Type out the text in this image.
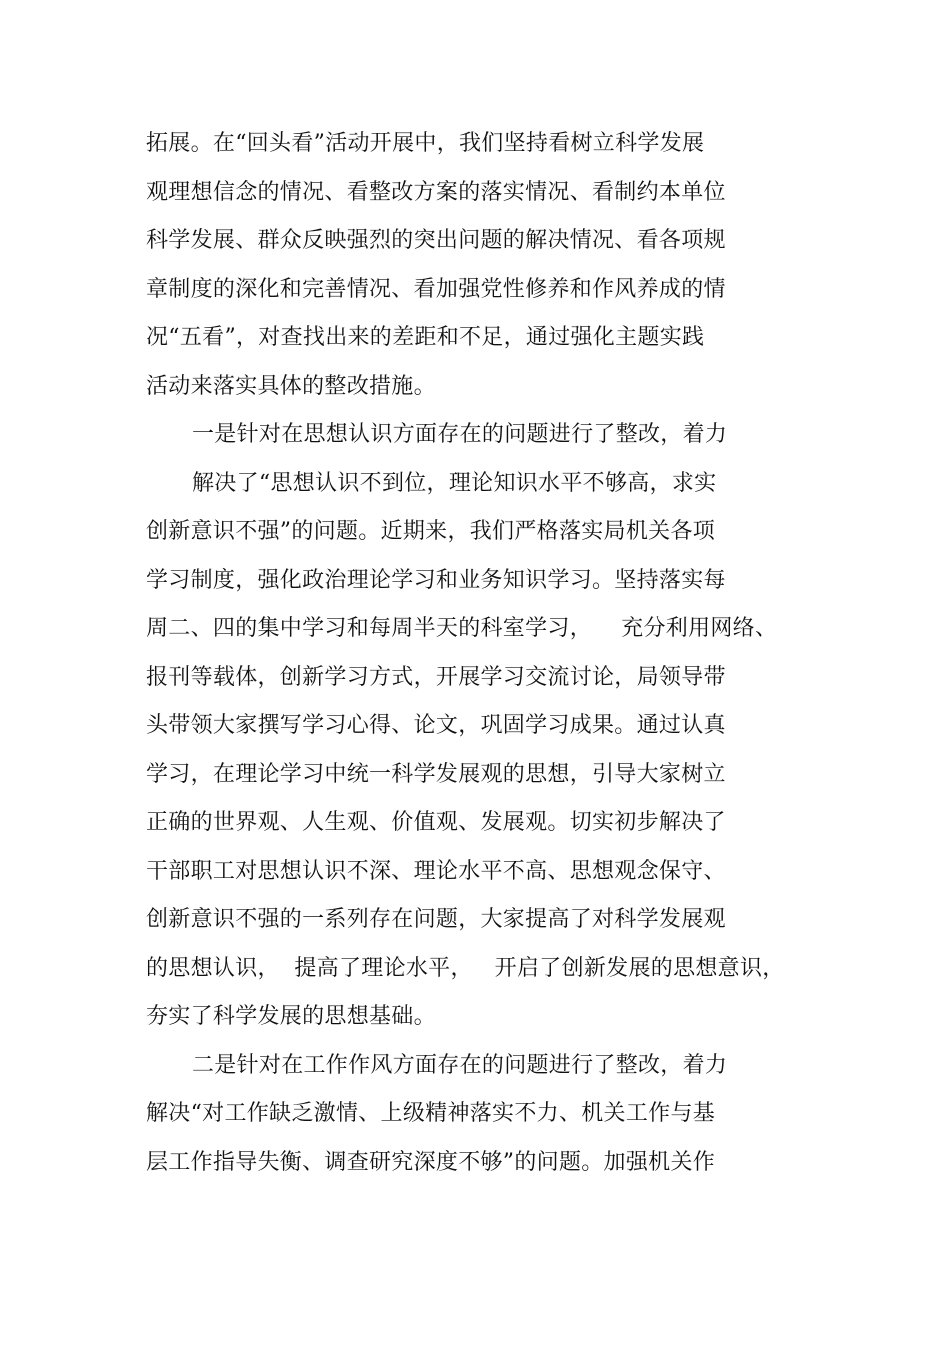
拓展。在“回头看”活动开展中，我们坚持看树立科学发展
观理想信念的情况、看整改方案的落实情况、看制约本单位
科学发展、群众反映强烈的突出问题的解决情况、看各项规
章制度的深化和完善情况、看加强党性修养和作风养成的情
况“五看”，对查找出来的差距和不足，通过强化主题实践
活动来落实具体的整改措施。
一是针对在思想认识方面存在的问题进行了整改，着力
解决了“思想认识不到位，理论知识水平不够高，求实
创新意识不强”的问题。近期来，我们严格落实局机关各项
学习制度，强化政治理论学习和业务知识学习。坚持落实每
周二、四的集中学习和每周半天的科室学习，    充分利用网络、
报刊等载体，创新学习方式，开展学习交流讨论，局领导带
头带领大家撰写学习心得、论文，巩固学习成果。通过认真
学习，在理论学习中统一科学发展观的思想，引导大家树立
正确的世界观、人生观、价值观、发展观。切实初步解决了
干部职工对思想认识不深、理论水平不高、思想观念保守、
创新意识不强的一系列存在问题，大家提高了对科学发展观
的思想认识，  提高了理论水平，   开启了创新发展的思想意识，
夯实了科学发展的思想基础。
二是针对在工作作风方面存在的问题进行了整改，着力
解决“对工作缺乏激情、上级精神落实不力、机关工作与基
层工作指导失衡、调查研究深度不够”的问题。加强机关作
